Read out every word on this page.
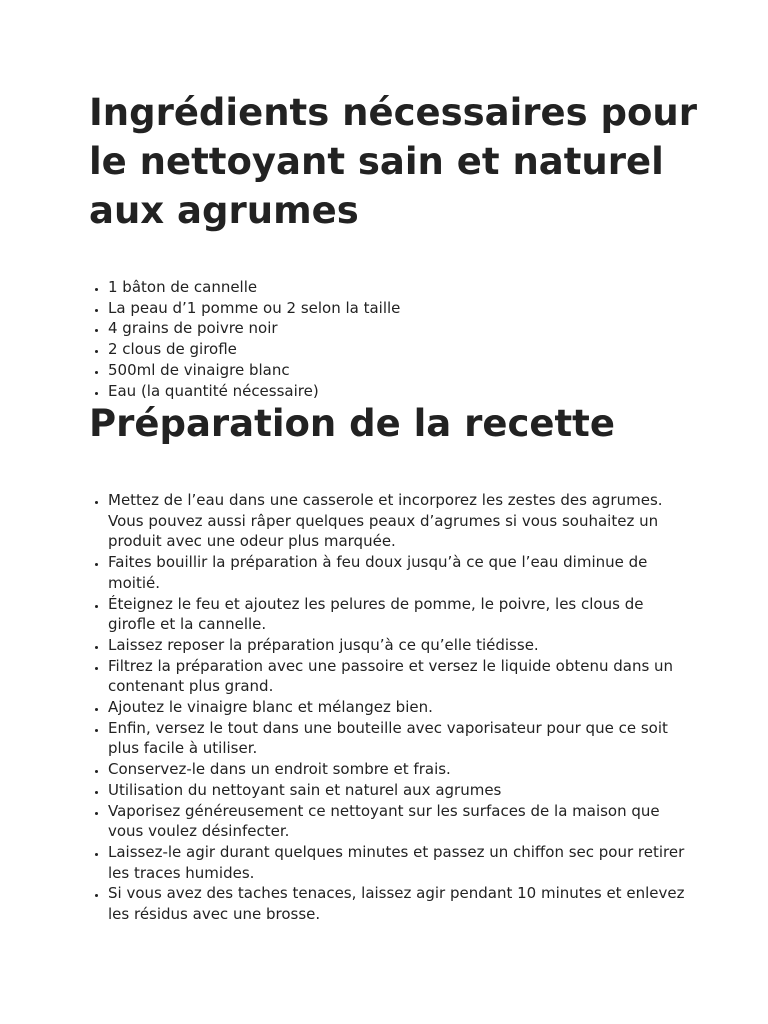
Ingrédients nécessaires pour le nettoyant sain et naturel aux agrumes
• 1 bâton de cannelle
• La peau d’1 pomme ou 2 selon la taille
• 4 grains de poivre noir
• 2 clous de girofle
• 500ml de vinaigre blanc
• Eau (la quantité nécessaire)
Préparation de la recette
• Mettez de l’eau dans une casserole et incorporez les zestes des agrumes. Vous pouvez aussi râper quelques peaux d’agrumes si vous souhaitez un produit avec une odeur plus marquée.
• Faites bouillir la préparation à feu doux jusqu’à ce que l’eau diminue de moitié.
• Éteignez le feu et ajoutez les pelures de pomme, le poivre, les clous de girofle et la cannelle.
• Laissez reposer la préparation jusqu’à ce qu’elle tiédisse.
• Filtrez la préparation avec une passoire et versez le liquide obtenu dans un contenant plus grand.
• Ajoutez le vinaigre blanc et mélangez bien.
• Enfin, versez le tout dans une bouteille avec vaporisateur pour que ce soit plus facile à utiliser.
• Conservez-le dans un endroit sombre et frais.
• Utilisation du nettoyant sain et naturel aux agrumes
• Vaporisez généreusement ce nettoyant sur les surfaces de la maison que vous voulez désinfecter.
• Laissez-le agir durant quelques minutes et passez un chiffon sec pour retirer les traces humides.
• Si vous avez des taches tenaces, laissez agir pendant 10 minutes et enlevez les résidus avec une brosse.
